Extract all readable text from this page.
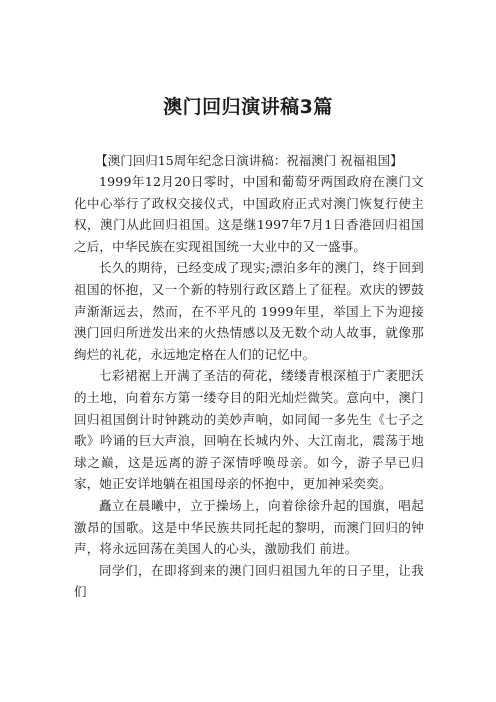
澳门回归演讲稿3篇

【澳门回归15周年纪念日演讲稿：祝福澳门 祝福祖国】

1999年12月20日零时，中国和葡萄牙两国政府在澳门文化中心举行了政权交接仪式，中国政府正式对澳门恢复行使主权，澳门从此回归祖国。这是继1997年7月1日香港回归祖国之后，中华民族在实现祖国统一大业中的又一盛事。

长久的期待，已经变成了现实;漂泊多年的澳门，终于回到祖国的怀抱，又一个新的特别行政区踏上了征程。欢庆的锣鼓声渐渐远去，然而，在不平凡的 1999年里，举国上下为迎接澳门回归所迸发出来的火热情感以及无数个动人故事，就像那绚烂的礼花，永远地定格在人们的记忆中。

七彩裙裾上开满了圣洁的荷花，缕缕青根深植于广袤肥沃的土地，向着东方第一缕夺目的阳光灿烂微笑。意向中，澳门回归祖国倒计时钟跳动的美妙声响，如同闻一多先生《七子之歌》吟诵的巨大声浪，回响在长城内外、大江南北，震荡于地球之巅，这是远离的游子深情呼唤母亲。如今，游子早已归家，她正安详地躺在祖国母亲的怀抱中，更加神采奕奕。

矗立在晨曦中，立于操场上，向着徐徐升起的国旗，唱起激昂的国歌。这是中华民族共同托起的黎明，而澳门回归的钟声，将永远回荡在美国人的心头，激励我们 前进。

同学们，在即将到来的澳门回归祖国九年的日子里，让我们
